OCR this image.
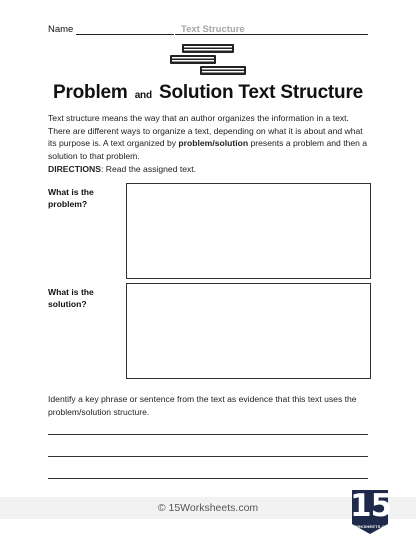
Name	Text Structure
Problem and Solution Text Structure

Text structure means the way that an author organizes the information in a text. There are different ways to organize a text, depending on what it is about and what its purpose is. A text organized by problem/solution presents a problem and then a solution to that problem.

DIRECTIONS: Read the assigned text.

What is the problem?
What is the solution?

Identify a key phrase or sentence from the text as evidence that this text uses the problem/solution structure.

© 15Worksheets.com	15
WORKSHEETS.COM
